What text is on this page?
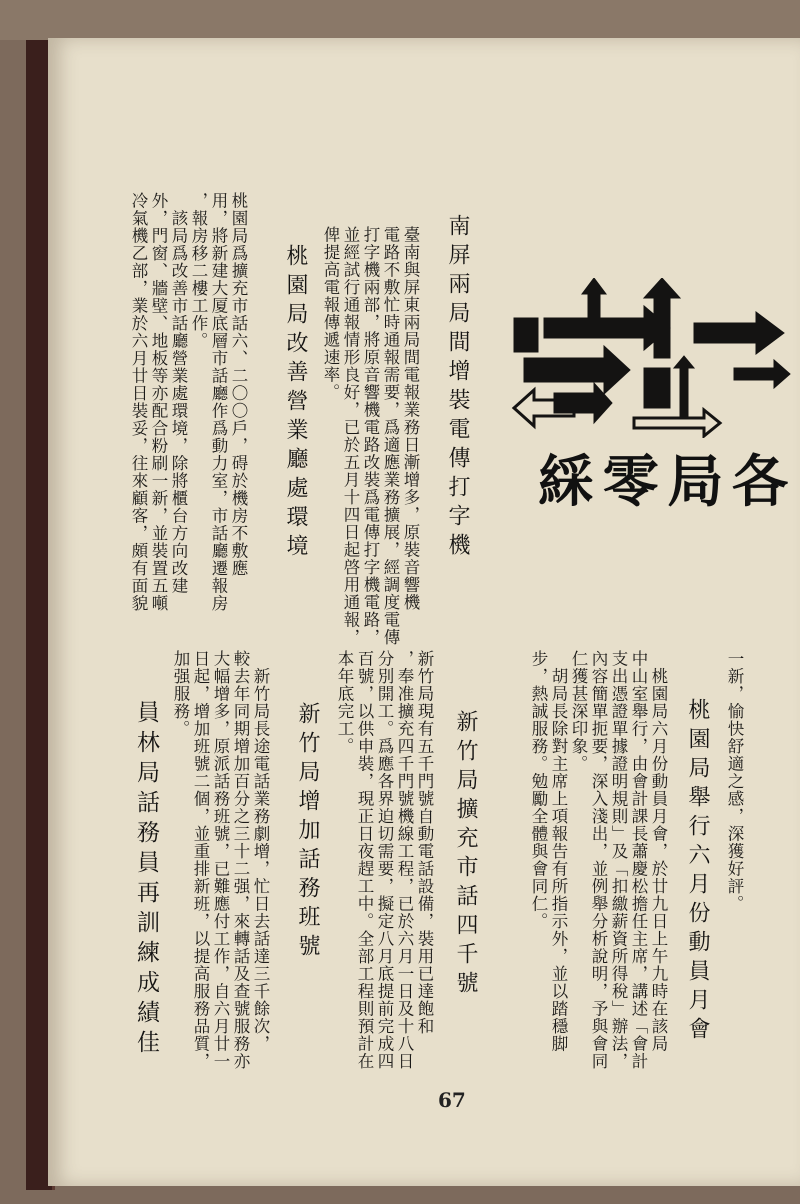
綵 零 局 各
南屏兩局間增裝電傳打字機
臺南與屏東兩局間電報業務日漸增多，原裝音響機
電路不敷忙時通報需要，爲適應業務擴展，經調度電傳
打字機兩部，將原音響機電路改裝爲電傳打字機電路，
並經試行通報情形良好，已於五月十四日起啓用通報，
俾提高電報傳遞速率。
桃園局改善營業廳處環境
桃園局爲擴充市話六、二〇〇戶，碍於機房不敷應
用，將新建大厦底層市話廳作爲動力室，市話廳遷報房
，報房移二樓工作。
　該局爲改善市話廳營業處環境，除將櫃台方向改建
外，門窗、牆壁、地板等亦配合粉刷一新，並裝置五噸
冷氣機乙部，業於六月廿日裝妥，往來顧客，頗有面貌
一新，愉快舒適之感，深獲好評。
桃園局舉行六月份動員月會
　桃園局六月份動員月會，於廿九日上午九時在該局
中山室舉行，由會計課長蕭慶松擔任主席，講述「會計
支出憑證單據證明規則」及「扣繳薪資所得稅」辦法，
內容簡單扼要，深入淺出，並例舉分析說明，予與會同
仁獲甚深印象。
　胡局長除對主席上項報告有所指示外，並以踏穩脚
步，熱誠服務。勉勵全體與會同仁。
新竹局擴充市話四千號
新竹局現有五千門號自動電話設備，裝用已達飽和
，奉准擴充四千門號機線工程，已於六月一日及十八日
分別開工。爲應各界迫切需要，擬定八月底提前完成四
百號，以供申裝，現正日夜趕工中。全部工程則預計在
本年底完工。
新竹局增加話務班號
　新竹局長途電話業務劇增，忙日去話達三千餘次，
較去年同期增加百分之三十二强，來轉話及查號服務亦
大幅增多，原派話務班號，已難應付工作，自六月廿一
日起，增加班號二個，並重排新班，以提高服務品質，
加强服務。
員林局話務員再訓練成績佳
67
